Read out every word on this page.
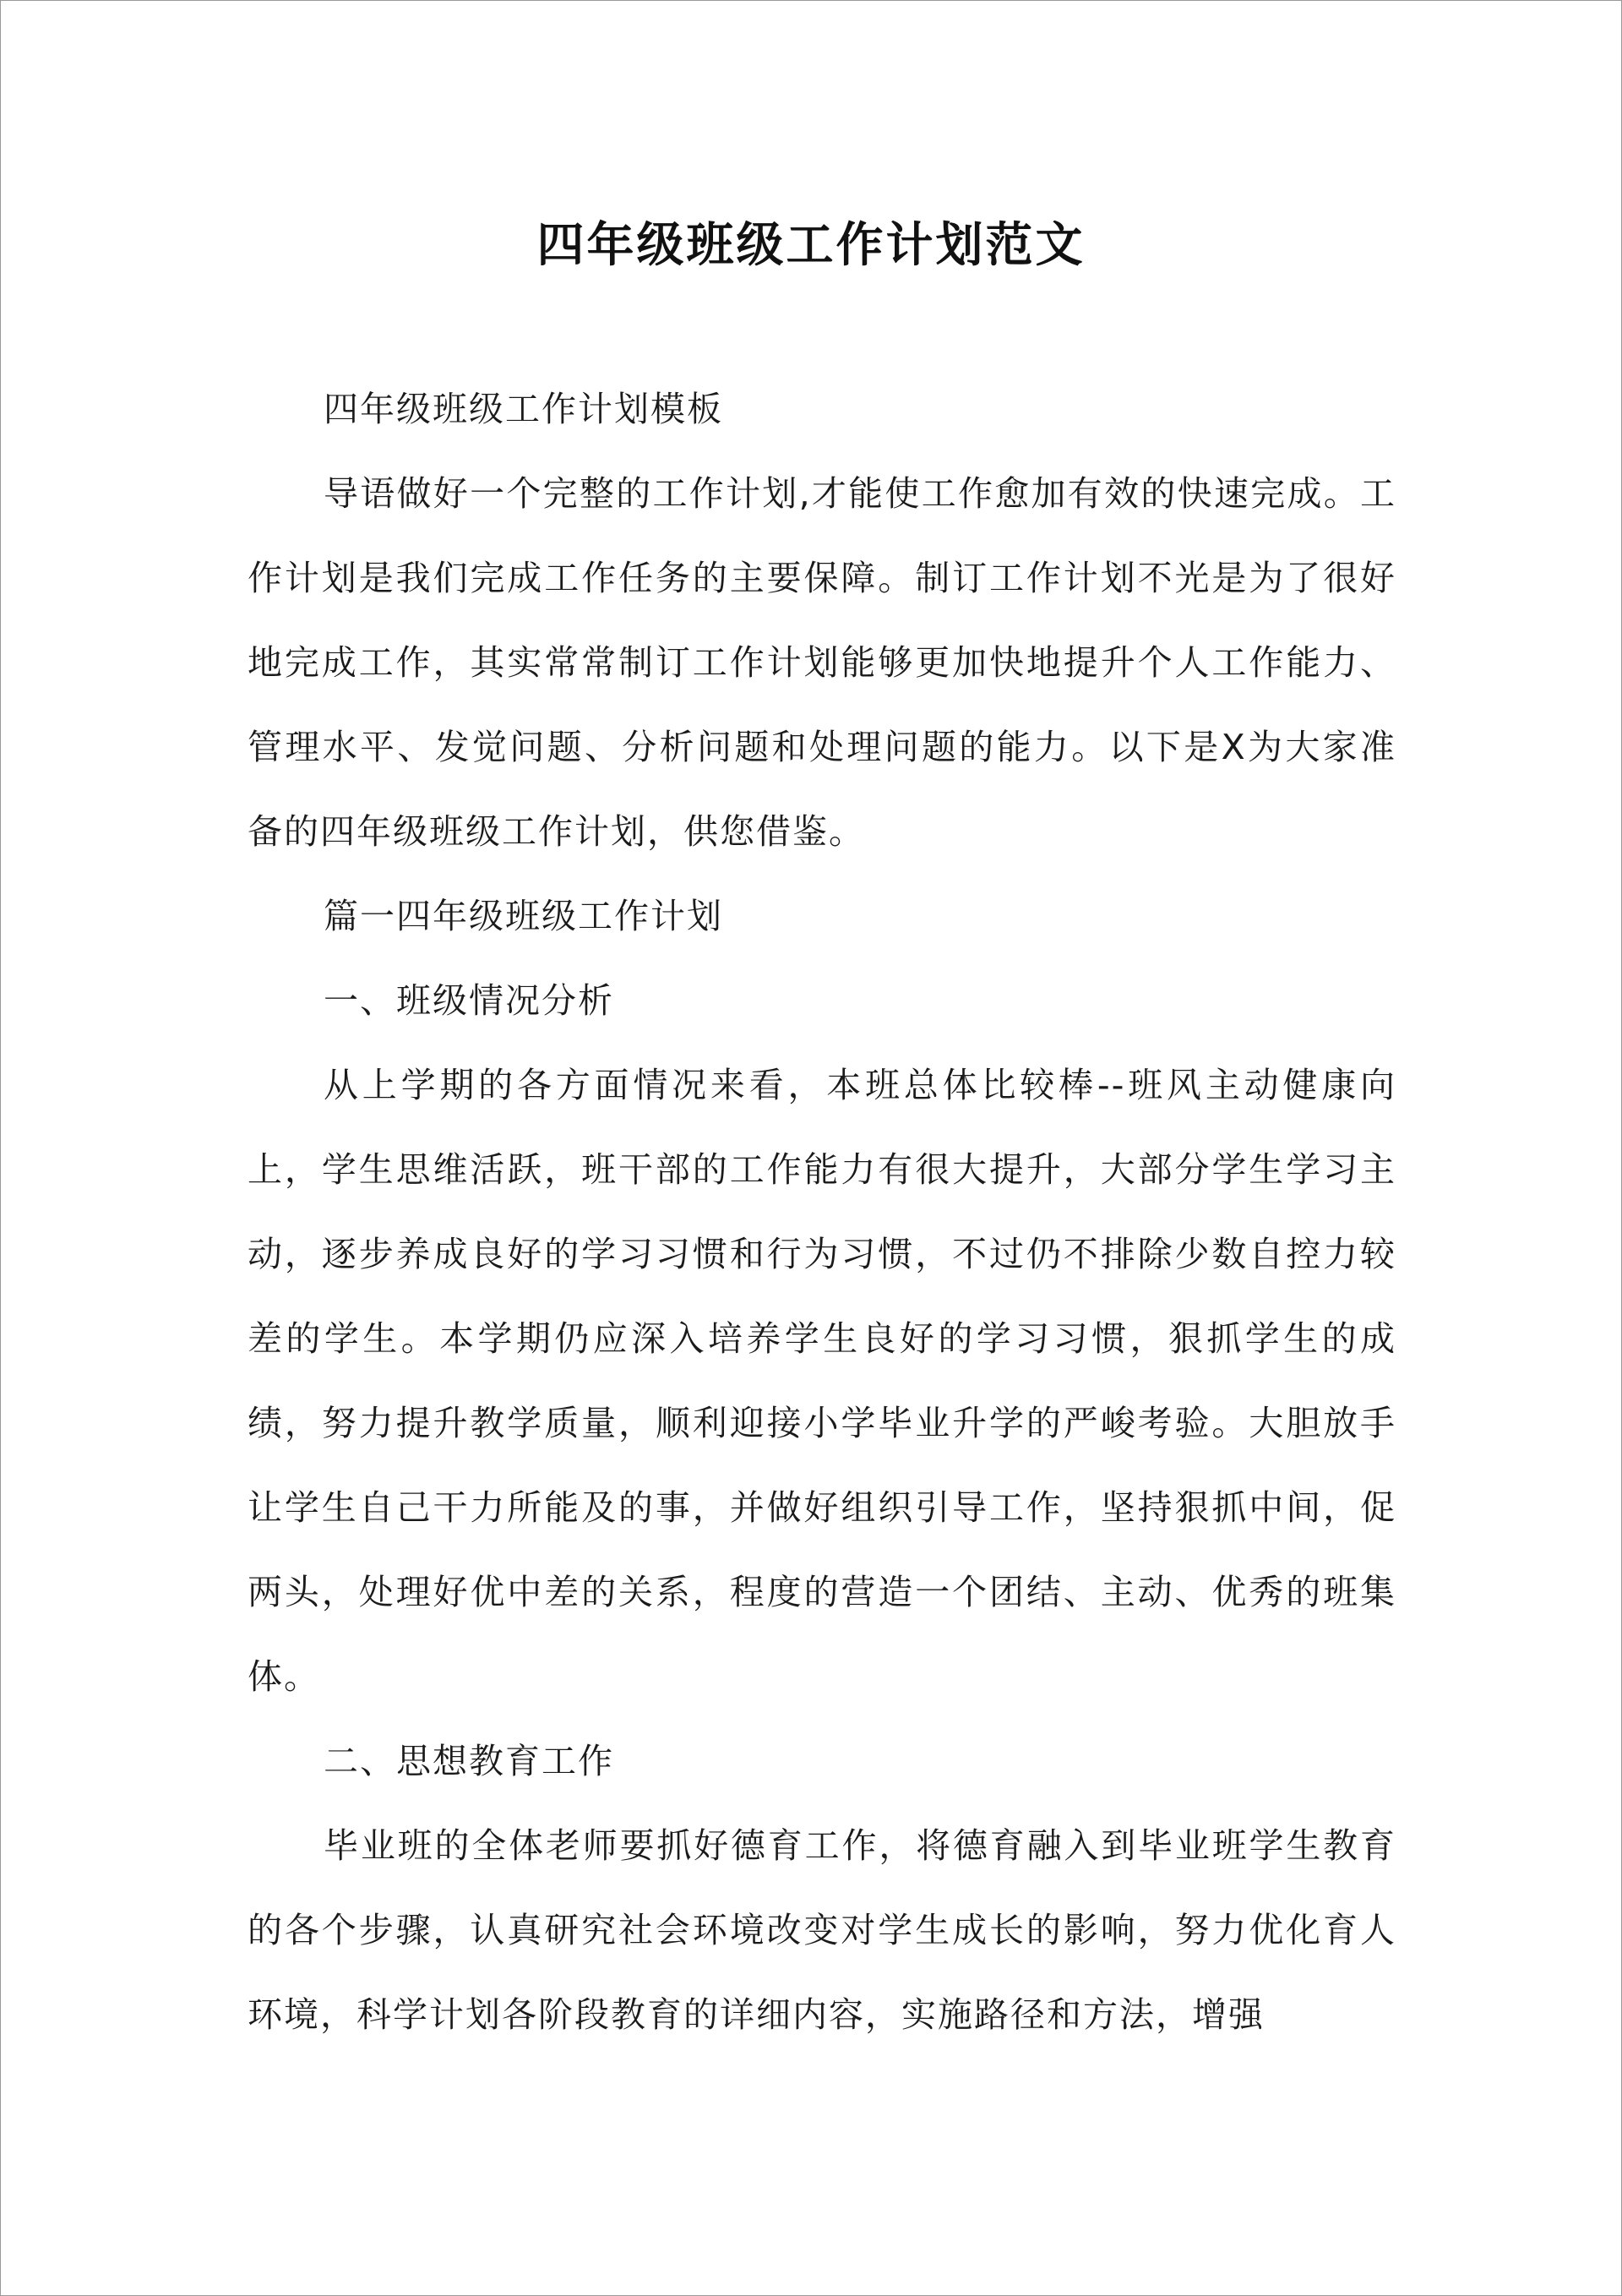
四年级班级工作计划范文

四年级班级工作计划模板

导语做好一个完整的工作计划,才能使工作愈加有效的快速完成。工作计划是我们完成工作任务的主要保障。制订工作计划不光是为了很好地完成工作，其实常常制订工作计划能够更加快地提升个人工作能力、管理水平、发觉问题、分析问题和处理问题的能力。以下是X为大家准备的四年级班级工作计划，供您借鉴。

篇一四年级班级工作计划

一、班级情况分析

从上学期的各方面情况来看，本班总体比较棒--班风主动健康向上，学生思维活跃，班干部的工作能力有很大提升，大部分学生学习主动，逐步养成良好的学习习惯和行为习惯，不过仍不排除少数自控力较差的学生。本学期仍应深入培养学生良好的学习习惯，狠抓学生的成绩，努力提升教学质量，顺利迎接小学毕业升学的严峻考验。大胆放手让学生自己干力所能及的事，并做好组织引导工作，坚持狠抓中间，促两头，处理好优中差的关系，程度的营造一个团结、主动、优秀的班集体。

二、思想教育工作

毕业班的全体老师要抓好德育工作，将德育融入到毕业班学生教育的各个步骤，认真研究社会环境改变对学生成长的影响，努力优化育人环境，科学计划各阶段教育的详细内容，实施路径和方法，增强
